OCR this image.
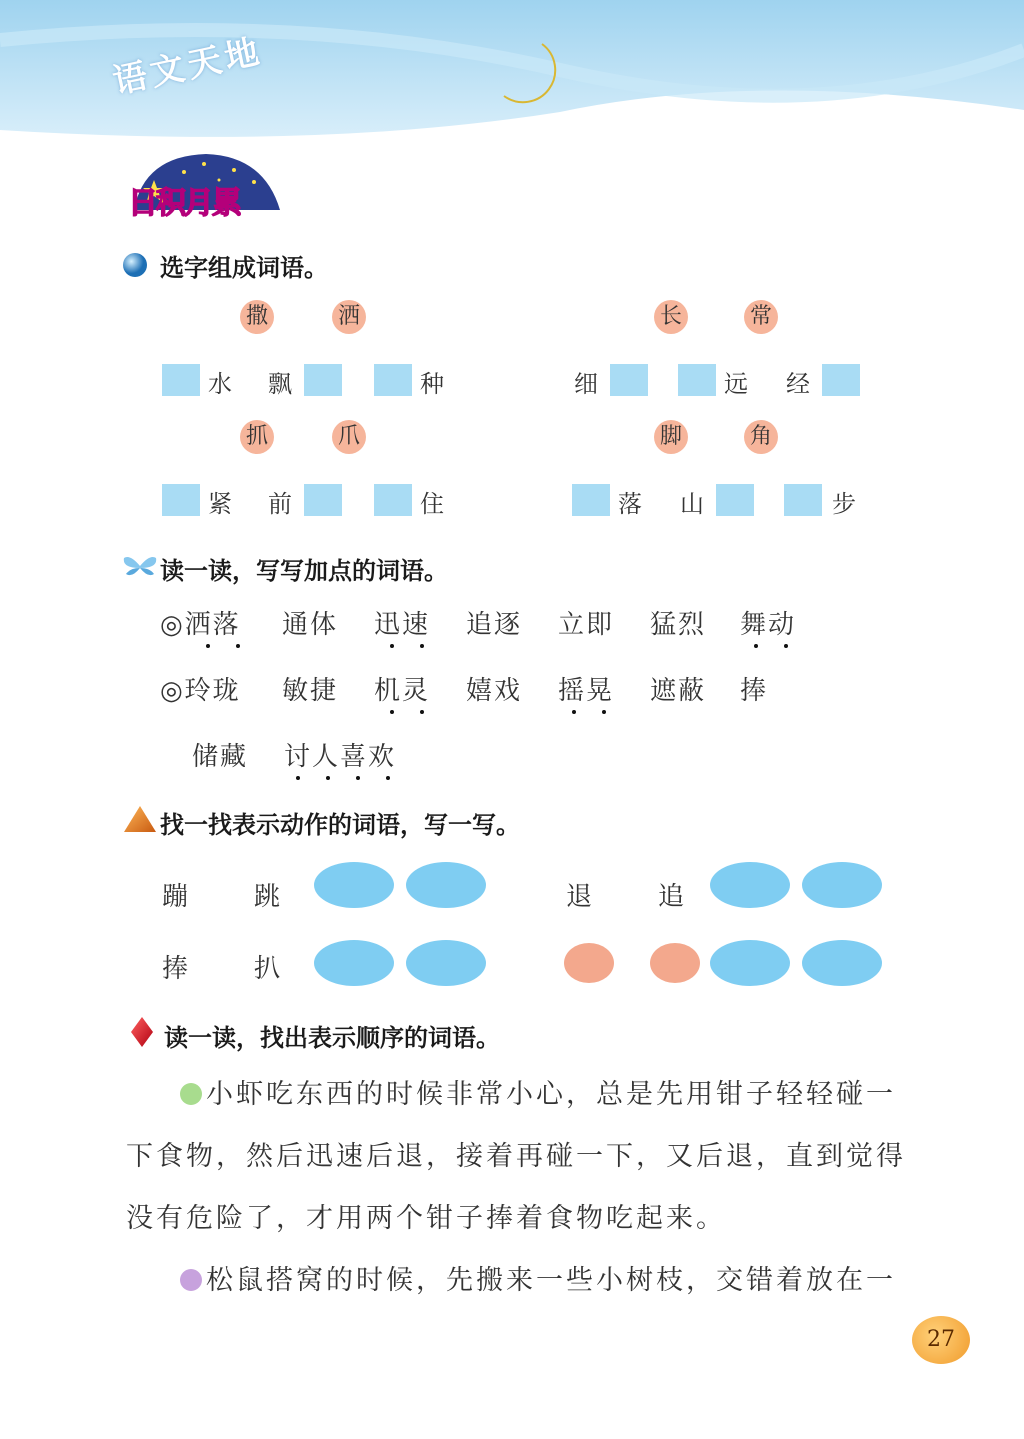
语文天地
日积月累
选字组成词语。
撒	洒	长	常
水 飘	种	细	远 经
抓	爪	脚	角
紧 前	住	落 山	步
读一读，写写加点的词语。
◎洒落 通体 迅速 追逐 立即 猛烈 舞动
◎玲珑 敏捷 机灵 嬉戏 摇晃 遮蔽 捧
储藏 讨人喜欢
找一找表示动作的词语，写一写。
蹦	跳	退	追
捧	扒
读一读，找出表示顺序的词语。
小虾吃东西的时候非常小心，总是先用钳子轻轻碰一
下食物，然后迅速后退，接着再碰一下，又后退，直到觉得
没有危险了，才用两个钳子捧着食物吃起来。
松鼠搭窝的时候，先搬来一些小树枝，交错着放在一
27
